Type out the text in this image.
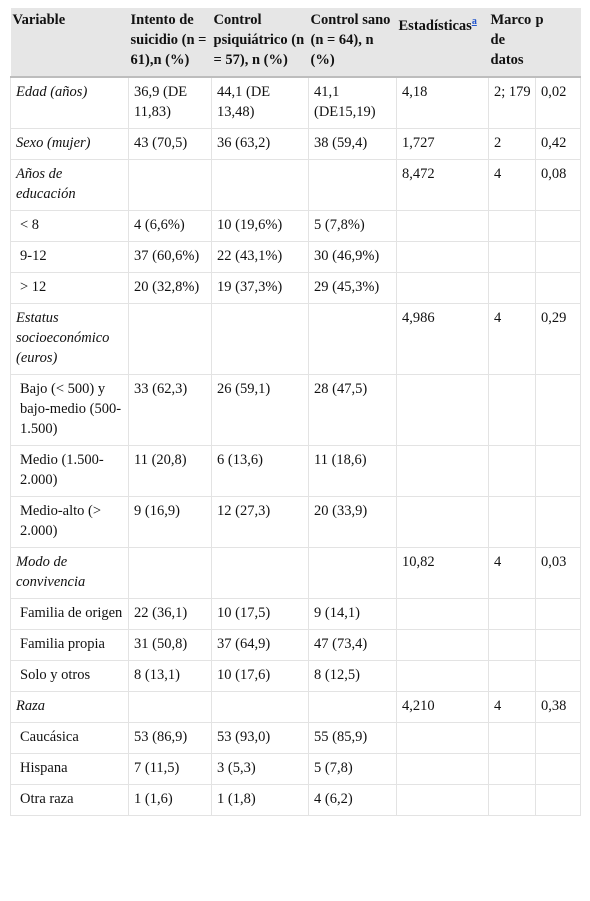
Variable	Intento de suicidio (n = 61),n (%)	Control psiquiátrico (n = 57), n (%)	Control sano (n = 64), n (%)	Estadísticas$^a$	Marco de datos	p
Edad (años)	36,9 (DE 11,83)	44,1 (DE 13,48)	41,1 (DE15,19)	4,18	2; 179	0,02
Sexo (mujer)	43 (70,5)	36 (63,2)	38 (59,4)	1,727	2	0,42
Años de educación				8,472	4	0,08
< 8	4 (6,6%)	10 (19,6%)	5 (7,8%)			
9-12	37 (60,6%)	22 (43,1%)	30 (46,9%)			
> 12	20 (32,8%)	19 (37,3%)	29 (45,3%)			
Estatus socioeconómico (euros)				4,986	4	0,29
Bajo (< 500) y bajo-medio (500-1.500)	33 (62,3)	26 (59,1)	28 (47,5)			
Medio (1.500-2.000)	11 (20,8)	6 (13,6)	11 (18,6)			
Medio-alto (> 2.000)	9 (16,9)	12 (27,3)	20 (33,9)			
Modo de convivencia				10,82	4	0,03
Familia de origen	22 (36,1)	10 (17,5)	9 (14,1)			
Familia propia	31 (50,8)	37 (64,9)	47 (73,4)			
Solo y otros	8 (13,1)	10 (17,6)	8 (12,5)			
Raza				4,210	4	0,38
Caucásica	53 (86,9)	53 (93,0)	55 (85,9)			
Hispana	7 (11,5)	3 (5,3)	5 (7,8)			
Otra raza	1 (1,6)	1 (1,8)	4 (6,2)			
